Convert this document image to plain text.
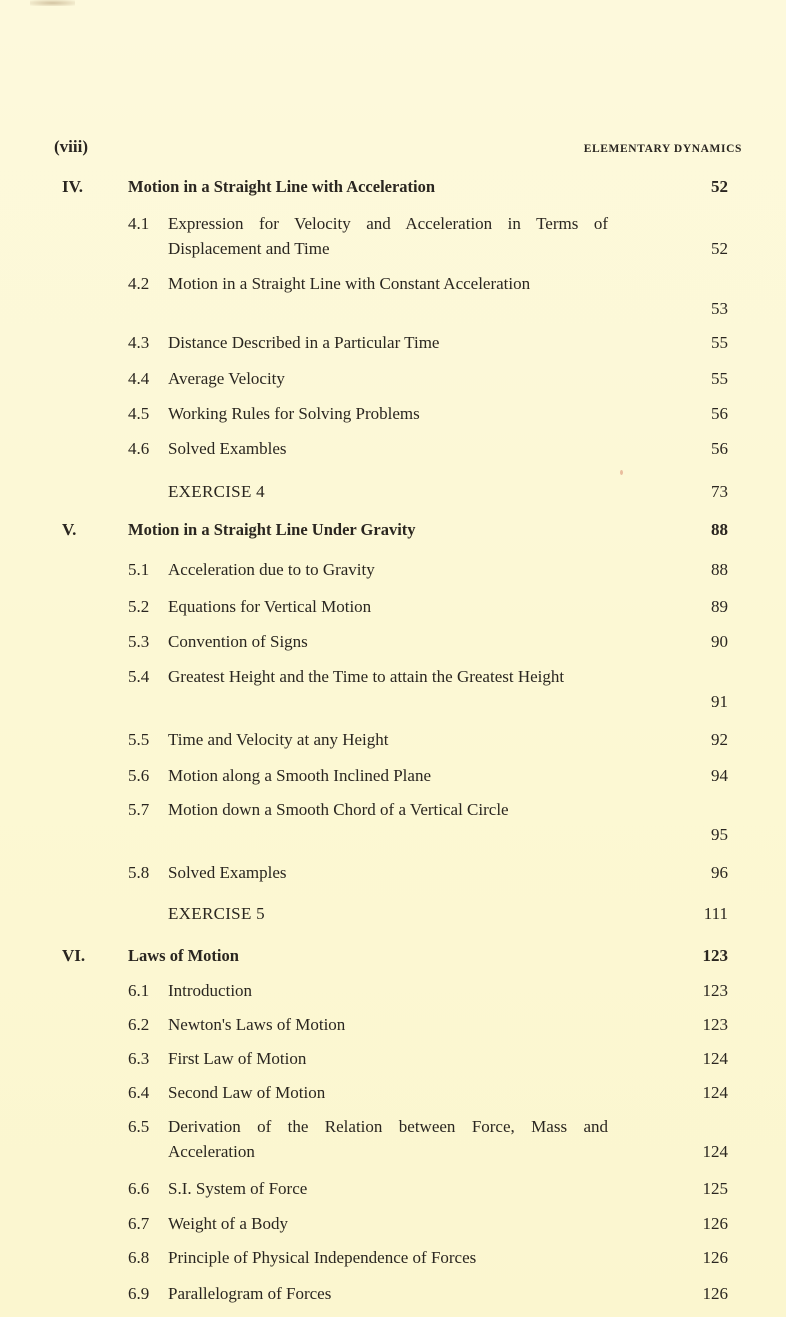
(viii)	ELEMENTARY DYNAMICS
IV.	Motion in a Straight Line with Acceleration	52
4.1 Expression for Velocity and Acceleration in Terms of Displacement and Time	52
4.2 Motion in a Straight Line with Constant Acceleration
53
4.3 Distance Described in a Particular Time	55
4.4 Average Velocity	55
4.5 Working Rules for Solving Problems	56
4.6 Solved Exambles	56
EXERCISE 4	73
V.	Motion in a Straight Line Under Gravity	88
5.1 Acceleration due to to Gravity	88
5.2 Equations for Vertical Motion	89
5.3 Convention of Signs	90
5.4 Greatest Height and the Time to attain the Greatest Height
91
5.5 Time and Velocity at any Height	92
5.6 Motion along a Smooth Inclined Plane	94
5.7 Motion down a Smooth Chord of a Vertical Circle
95
5.8 Solved Examples	96
EXERCISE 5	111
VI.	Laws of Motion	123
6.1 Introduction	123
6.2 Newton's Laws of Motion	123
6.3 First Law of Motion	124
6.4 Second Law of Motion	124
6.5 Derivation of the Relation between Force, Mass and Acceleration	124
6.6 S.I. System of Force	125
6.7 Weight of a Body	126
6.8 Principle of Physical Independence of Forces	126
6.9 Parallelogram of Forces	126
